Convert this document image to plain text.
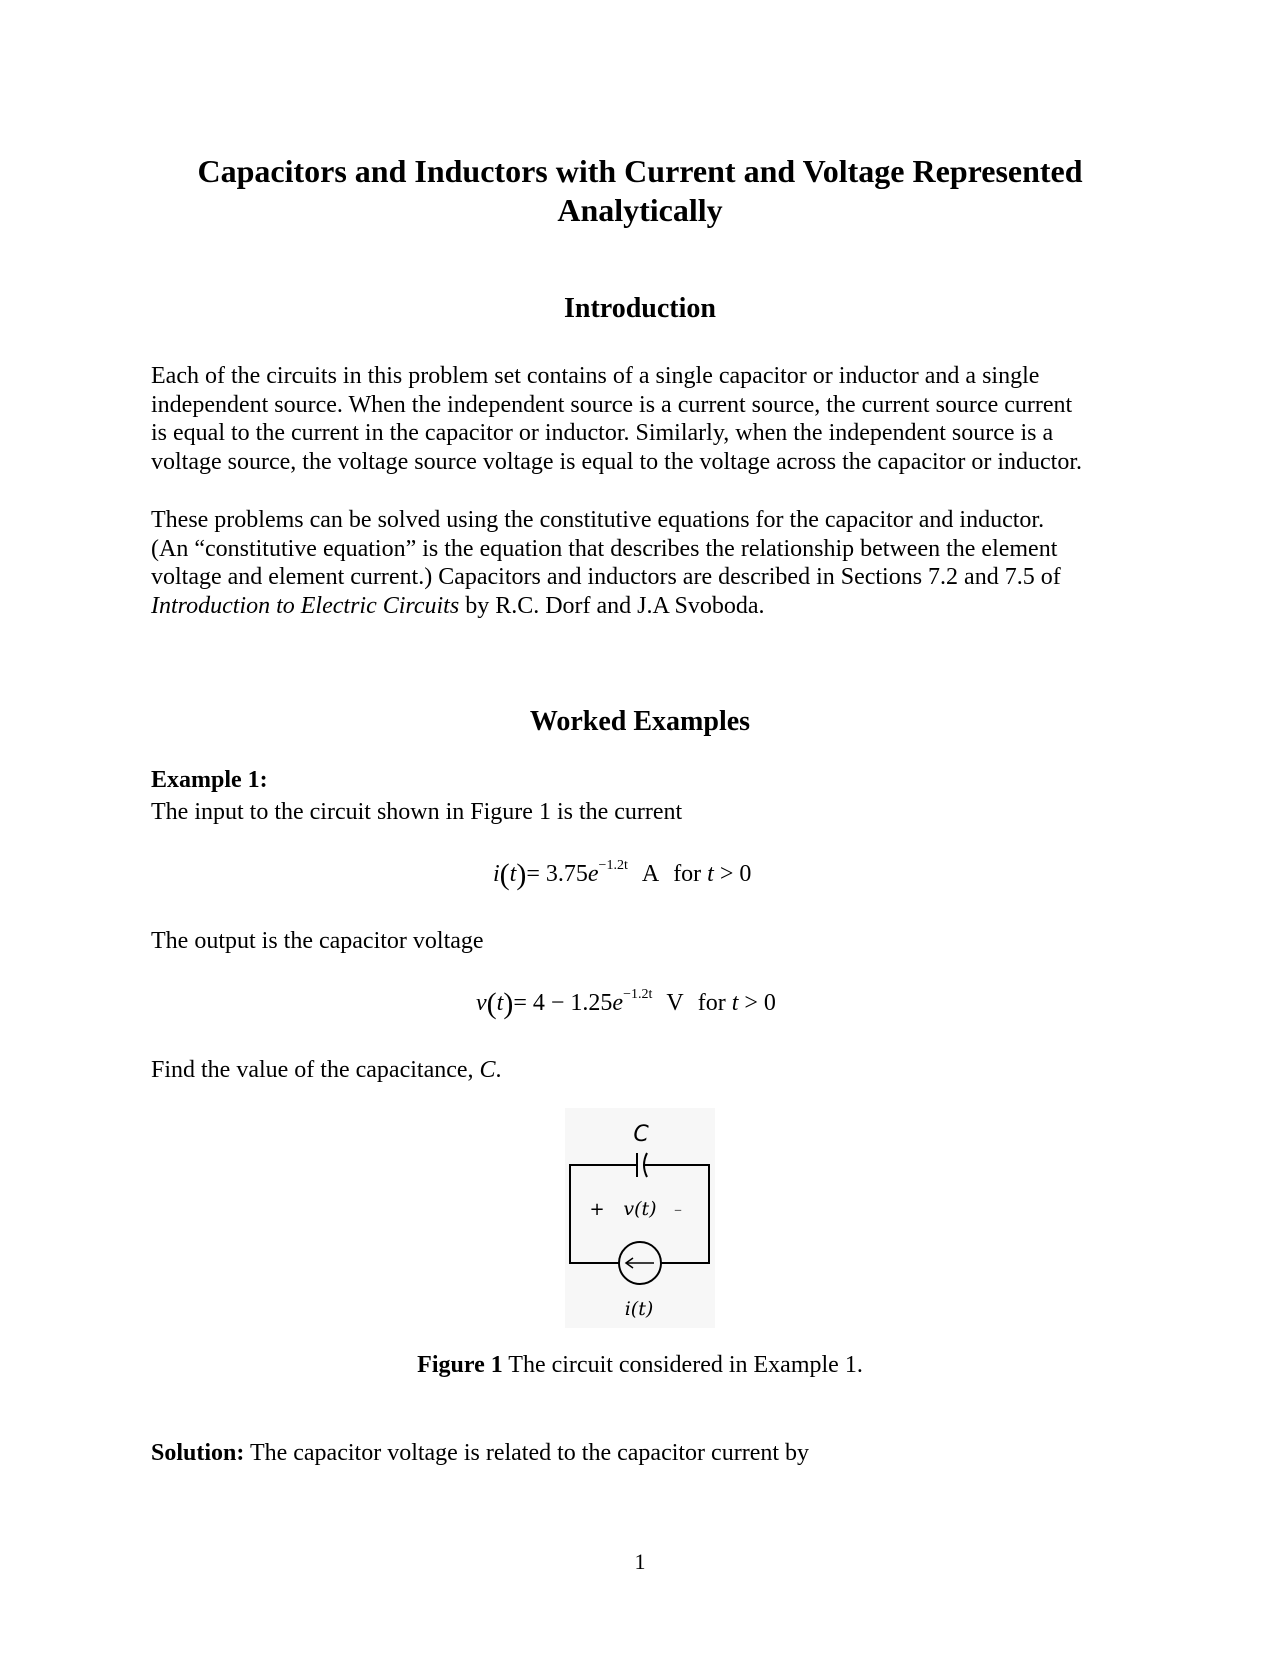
Capacitors and Inductors with Current and Voltage Represented
Analytically
Introduction

Each of the circuits in this problem set contains of a single capacitor or inductor and a single
independent source. When the independent source is a current source, the current source current
is equal to the current in the capacitor or inductor. Similarly, when the independent source is a
voltage source, the voltage source voltage is equal to the voltage across the capacitor or inductor.

These problems can be solved using the constitutive equations for the capacitor and inductor.
(An “constitutive equation” is the equation that describes the relationship between the element
voltage and element current.) Capacitors and inductors are described in Sections 7.2 and 7.5 of
Introduction to Electric Circuits by R.C. Dorf and J.A Svoboda.

Worked Examples

Example 1:

The input to the circuit shown in Figure 1 is the current

$i(t)= 3.75e^{-1.2t}$ A for t > 0

The output is the capacitor voltage

$v(t)= 4 - 1.25e^{-1.2t}$ V for t > 0

Find the value of the capacitance, C.

C
+ v(t) –
i(t)

Figure 1 The circuit considered in Example 1.

Solution: The capacitor voltage is related to the capacitor current by

1
